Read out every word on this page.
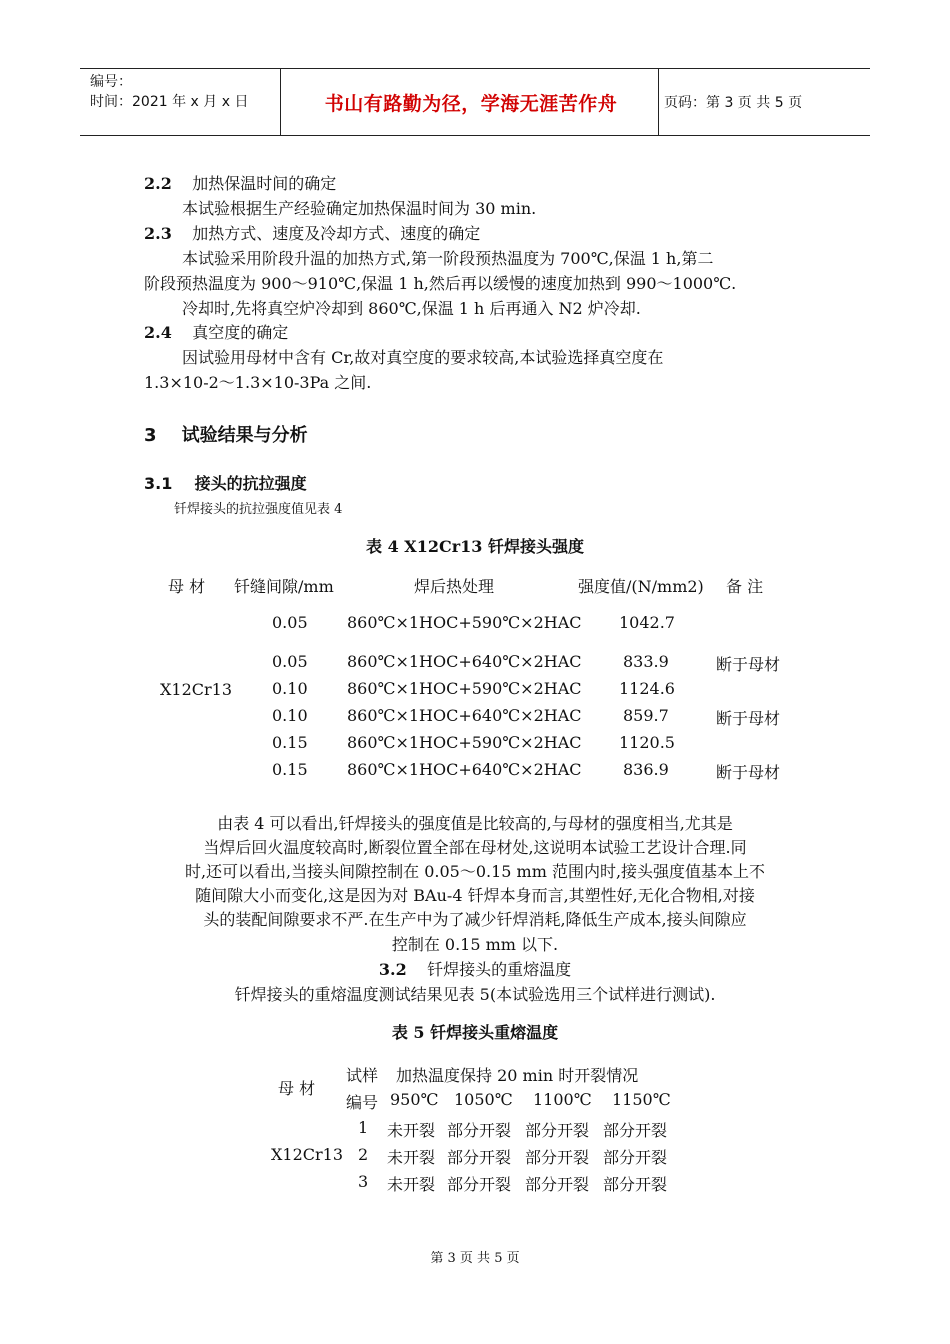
编号：
时间：2021 年 x 月 x 日	书山有路勤为径，学海无涯苦作舟	页码：第 3 页 共 5 页
2.2 加热保温时间的确定
本试验根据生产经验确定加热保温时间为 30 min.
2.3 加热方式、速度及冷却方式、速度的确定
本试验采用阶段升温的加热方式,第一阶段预热温度为 700℃,保温 1 h,第二
阶段预热温度为 900～910℃,保温 1 h,然后再以缓慢的速度加热到 990～1000℃.
冷却时,先将真空炉冷却到 860℃,保温 1 h 后再通入 N2 炉冷却.
2.4 真空度的确定
因试验用母材中含有 Cr,故对真空度的要求较高,本试验选择真空度在
1.3×10-2～1.3×10-3Pa 之间.
3 试验结果与分析
3.1 接头的抗拉强度
钎焊接头的抗拉强度值见表 4
表 4 X12Cr13 钎焊接头强度
母 材 钎缝间隙/mm	焊后热处理	强度值/(N/mm2) 备 注
X12Cr13
0.05 860℃×1HOC+590℃×2HAC 1042.7
0.05 860℃×1HOC+640℃×2HAC	833.9	断于母材
0.10 860℃×1HOC+590℃×2HAC 1124.6
0.10 860℃×1HOC+640℃×2HAC	859.7	断于母材
0.15 860℃×1HOC+590℃×2HAC 1120.5
0.15 860℃×1HOC+640℃×2HAC	836.9	断于母材
由表 4 可以看出,钎焊接头的强度值是比较高的,与母材的强度相当,尤其是
当焊后回火温度较高时,断裂位置全部在母材处,这说明本试验工艺设计合理.同
时,还可以看出,当接头间隙控制在 0.05～0.15 mm 范围内时,接头强度值基本上不
随间隙大小而变化,这是因为对 BAu-4 钎焊本身而言,其塑性好,无化合物相,对接
头的装配间隙要求不严.在生产中为了减少钎焊消耗,降低生产成本,接头间隙应
控制在 0.15 mm 以下.
3.2 钎焊接头的重熔温度
钎焊接头的重熔温度测试结果见表 5(本试验选用三个试样进行测试).
表 5 钎焊接头重熔温度
母 材
试样
编号
加热温度保持 20 min 时开裂情况
950℃ 1050℃ 1100℃ 1150℃
X12Cr13
1 未开裂 部分开裂 部分开裂 部分开裂
2 未开裂 部分开裂 部分开裂 部分开裂
3 未开裂 部分开裂 部分开裂 部分开裂
第 3 页 共 5 页
